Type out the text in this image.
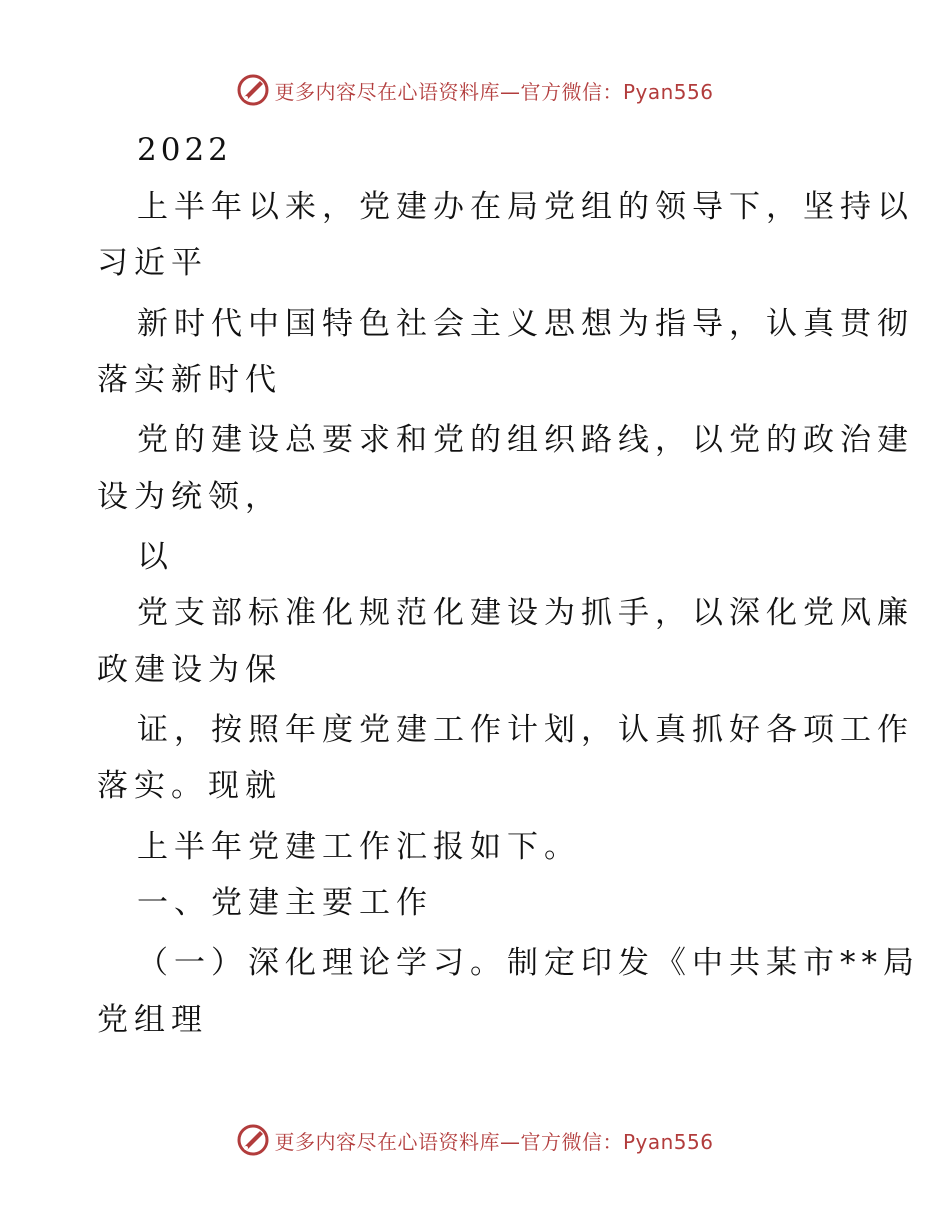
更多内容尽在心语资料库—官方微信：Pyan556
2022
上半年以来，党建办在局党组的领导下，坚持以
习近平
新时代中国特色社会主义思想为指导，认真贯彻
落实新时代
党的建设总要求和党的组织路线，以党的政治建
设为统领，
以
党支部标准化规范化建设为抓手，以深化党风廉
政建设为保
证，按照年度党建工作计划，认真抓好各项工作
落实。现就
上半年党建工作汇报如下。
一、党建主要工作
（一）深化理论学习。制定印发《中共某市**局
党组理
更多内容尽在心语资料库—官方微信：Pyan556
